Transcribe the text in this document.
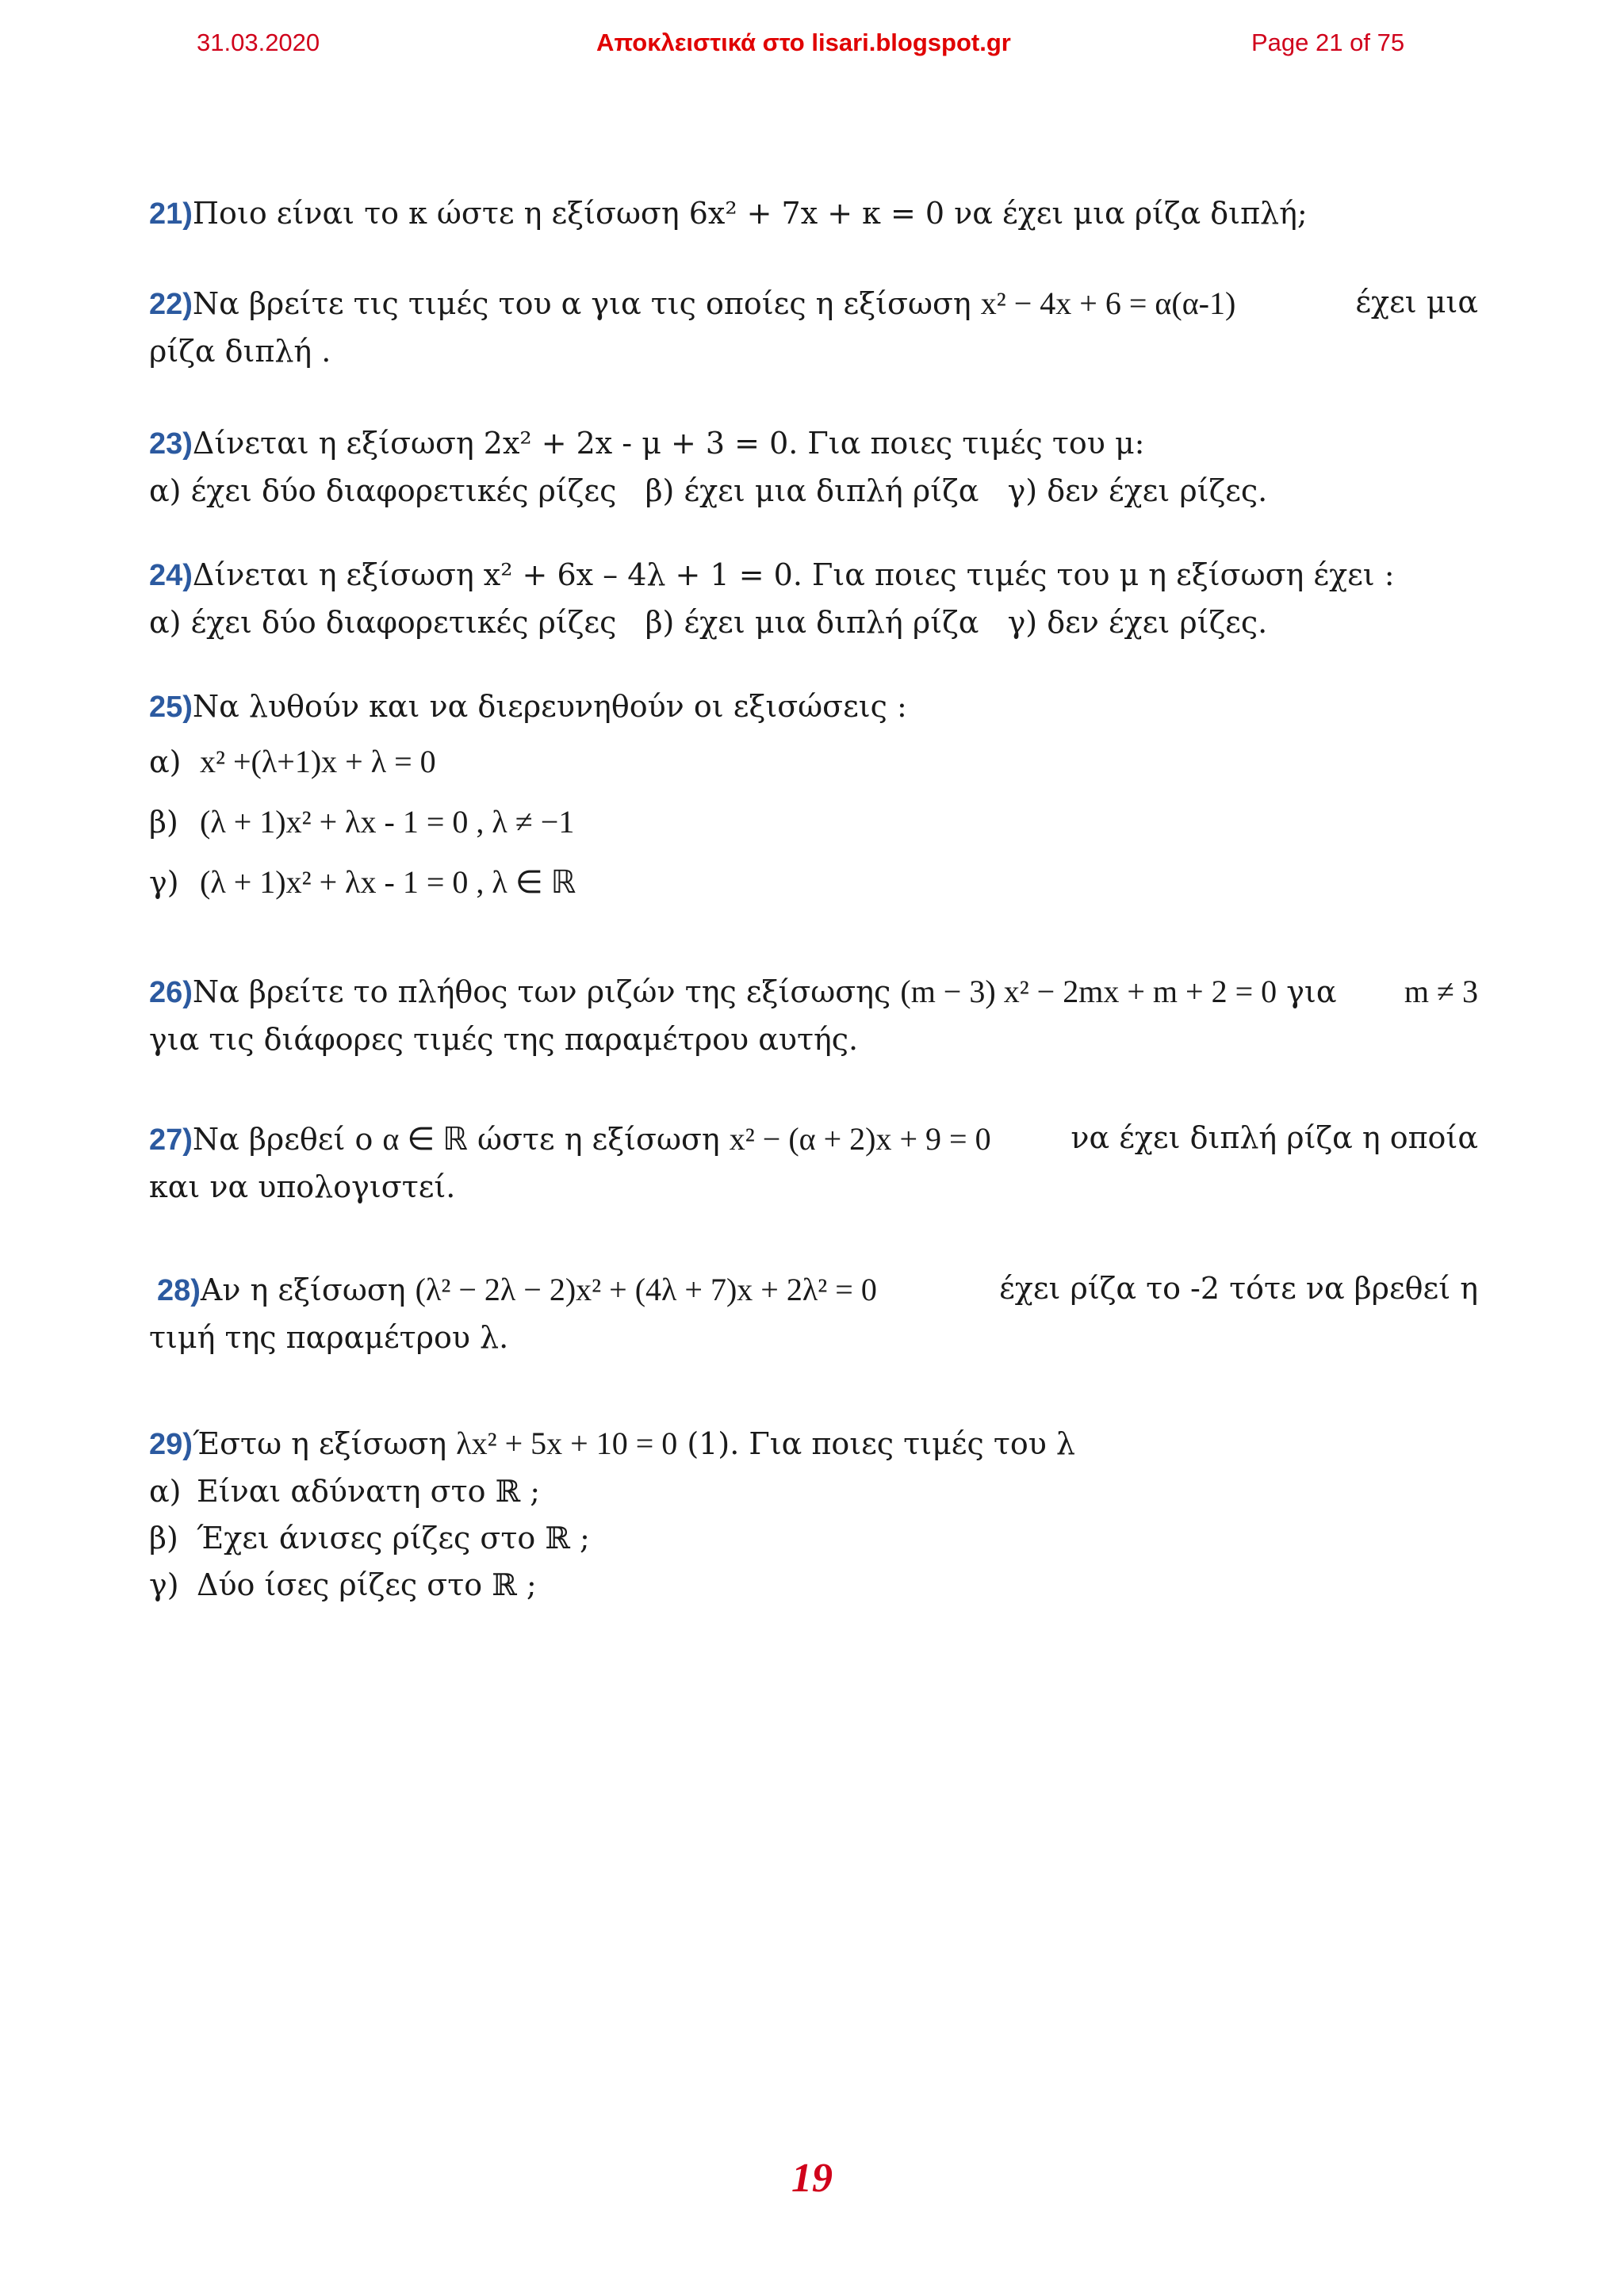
31.03.2020	Αποκλειστικά στο lisari.blogspot.gr	Page 21 of 75
21)Ποιο είναι το κ ώστε η εξίσωση 6x² + 7x + κ = 0 να έχει μια ρίζα διπλή;
22)Να βρείτε τις τιμές του α για τις οποίες η εξίσωση x² − 4x + 6 = α(α-1)	έχει μια
ρίζα διπλή .
23)Δίνεται η εξίσωση 2x² + 2x - μ + 3 = 0. Για ποιες τιμές του μ:
α) έχει δύο διαφορετικές ρίζες   β) έχει μια διπλή ρίζα   γ) δεν έχει ρίζες.
24)Δίνεται η εξίσωση x² + 6x – 4λ + 1 = 0. Για ποιες τιμές του μ η εξίσωση έχει :
α) έχει δύο διαφορετικές ρίζες   β) έχει μια διπλή ρίζα   γ) δεν έχει ρίζες.
25)Να λυθούν και να διερευνηθούν οι εξισώσεις :
α) x² +(λ+1)x + λ = 0
β) (λ + 1)x² + λx - 1 = 0 , λ ≠ −1
γ) (λ + 1)x² + λx - 1 = 0 , λ ∈ ℝ
26)Να βρείτε το πλήθος των ριζών της εξίσωσης (m − 3) x² − 2mx + m + 2 = 0 για m ≠ 3
για τις διάφορες τιμές της παραμέτρου αυτής.
27)Να βρεθεί ο α ∈ ℝ ώστε η εξίσωση x² − (α + 2)x + 9 = 0	να έχει διπλή ρίζα η οποία
και να υπολογιστεί.
28)Αν η εξίσωση (λ² − 2λ − 2)x² + (4λ + 7)x + 2λ² = 0	έχει ρίζα το -2 τότε να βρεθεί η
τιμή της παραμέτρου λ.
29)Έστω η εξίσωση λx² + 5x + 10 = 0 (1). Για ποιες τιμές του λ
α) Είναι αδύνατη στο ℝ ;
β) Έχει άνισες ρίζες στο ℝ ;
γ) Δύο ίσες ρίζες στο ℝ ;
19
